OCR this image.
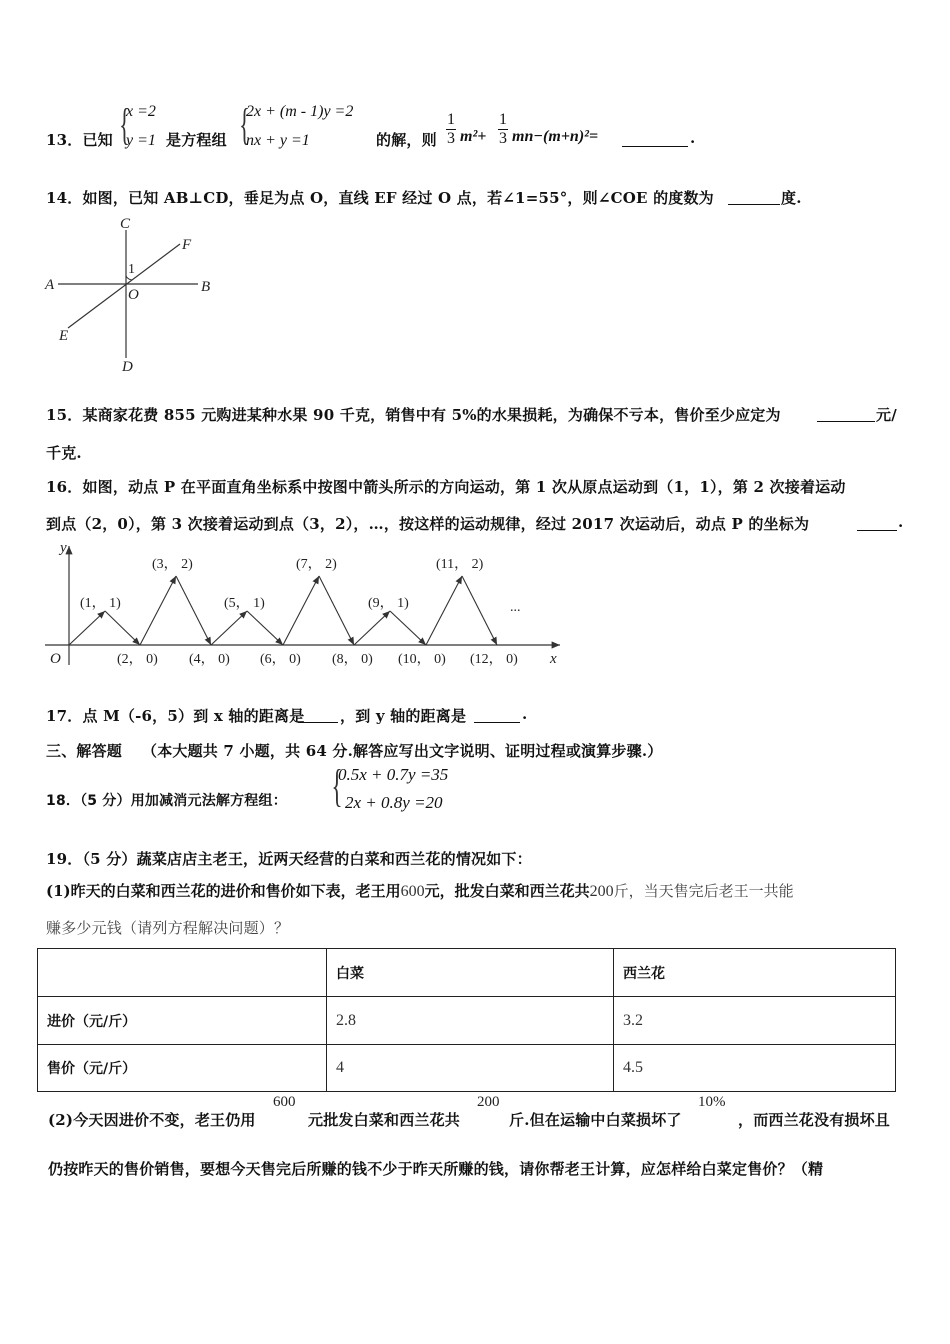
13．已知 {
x =2
y =1 是方程组 {
2x + (m - 1)y =2
nx + y =1	的解，则
1
3 m²+
1
3 mn−(m+n)²=	.
14．如图，已知 AB⊥CD，垂足为点 O，直线 EF 经过 O 点，若∠1=55°，则∠COE 的度数为	度.
C
D
A	B
E
F
O
1
15．某商家花费 855 元购进某种水果 90 千克，销售中有 5%的水果损耗，为确保不亏本，售价至少应定为	元/
千克.
16．如图，动点 P 在平面直角坐标系中按图中箭头所示的方向运动，第 1 次从原点运动到（1，1），第 2 次接着运动
到点（2，0），第 3 次接着运动到点（3，2），…，按这样的运动规律，经过 2017 次运动后，动点 P 的坐标为	.
y
x
O
(1， 1)
(3， 2)
(5， 1)
(7， 2)
(9， 1)
(11， 2)
(2， 0) (4， 0) (6， 0) (8， 0) (10， 0) (12， 0)
...
17．点 M（-6，5）到 x 轴的距离是 ，到 y 轴的距离是	.
三、解答题 （本大题共 7 小题，共 64 分.解答应写出文字说明、证明过程或演算步骤.）
18．（5 分）用加减消元法解方程组： {
0.5x + 0.7y =35
2x + 0.8y =20
19．（5 分）蔬菜店店主老王，近两天经营的白菜和西兰花的情况如下：
(1)昨天的白菜和西兰花的进价和售价如下表，老王用600元，批发白菜和西兰花共200斤，当天售完后老王一共能
赚多少元钱（请列方程解决问题）？
	白菜	西兰花
进价（元/斤）	2.8	3.2
售价（元/斤）	4	4.5
(2)今天因进价不变，老王仍用
600
元批发白菜和西兰花共
200
斤.但在运输中白菜损坏了
10%
，而西兰花没有损坏且
仍按昨天的售价销售，要想今天售完后所赚的钱不少于昨天所赚的钱，请你帮老王计算，应怎样给白菜定售价？（精
